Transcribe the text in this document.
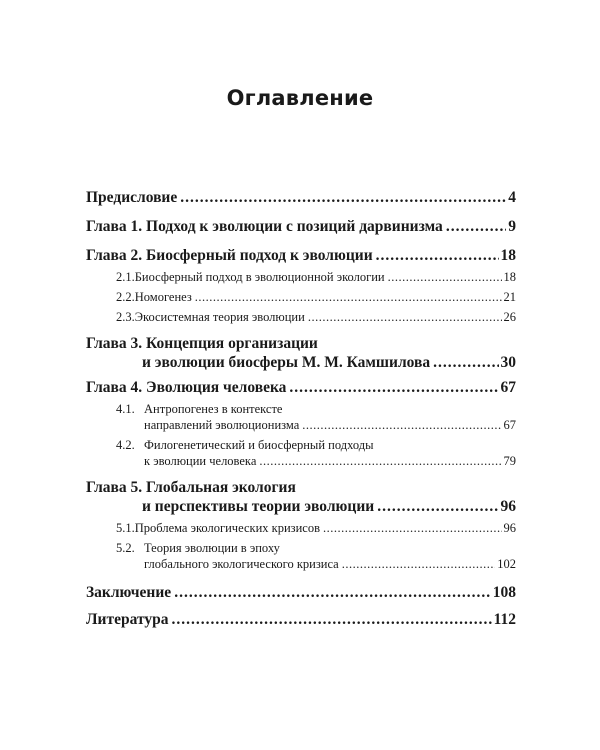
Оглавление
Предисловие .....	4
Глава 1. Подход к эволюции с позиций дарвинизма .....	9
Глава 2. Биосферный подход к эволюции .....	18
2.1. Биосферный подход в эволюционной экологии .....	18
2.2. Номогенез .....	21
2.3. Экосистемная теория эволюции .....	26
Глава 3. Концепция организации
и эволюции биосферы М. М. Камшилова .....	30
Глава 4. Эволюция человека .....	67
4.1. Антропогенез в контексте
направлений эволюционизма .....	67
4.2. Филогенетический и биосферный подходы
к эволюции человека .....	79
Глава 5. Глобальная экология
и перспективы теории эволюции .....	96
5.1. Проблема экологических кризисов .....	96
5.2. Теория эволюции в эпоху
глобального экологического кризиса .....	102
Заключение .....	108
Литература .....	112
